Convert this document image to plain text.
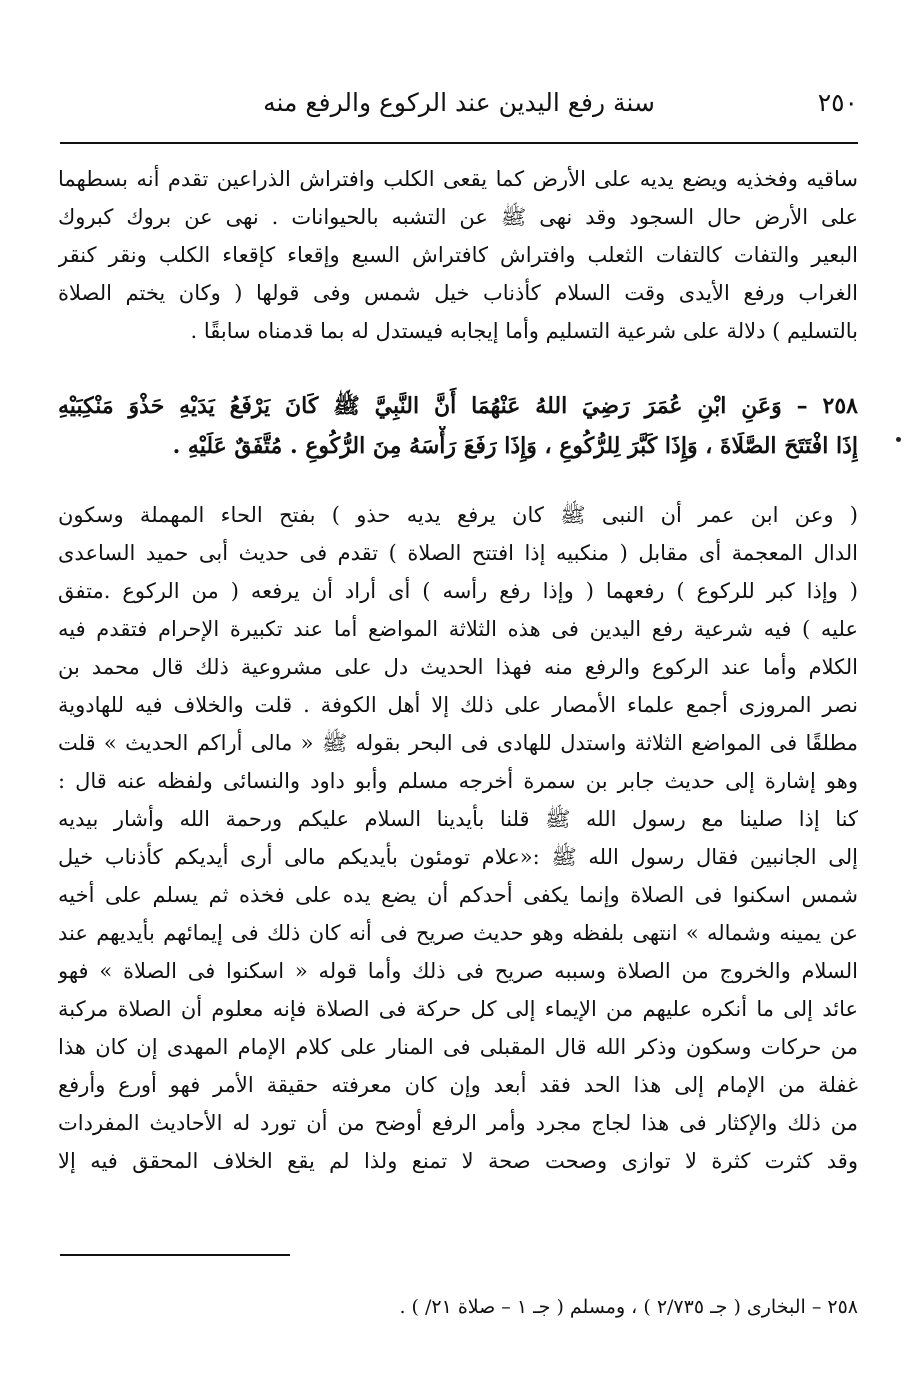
٢٥٠
سنة رفع اليدين عند الركوع والرفع منه
ساقيه وفخذيه ويضع يديه على الأرض كما يقعى الكلب وافتراش الذراعين تقدم أنه بسطهما
على الأرض حال السجود وقد نهى ﷺ عن التشبه بالحيوانات . نهى عن بروك كبروك
البعير والتفات كالتفات الثعلب وافتراش كافتراش السبع وإقعاء كإقعاء الكلب ونقر كنقر
الغراب ورفع الأيدى وقت السلام كأذناب خيل شمس وفى قولها ( وكان يختم الصلاة
بالتسليم ) دلالة على شرعية التسليم وأما إيجابه فيستدل له بما قدمناه سابقًا .
٢٥٨ – وَعَنِ ابْنِ عُمَرَ رَضِيَ اللهُ عَنْهُمَا أَنَّ النَّبِيَّ ﷺ كَانَ يَرْفَعُ يَدَيْهِ حَذْوَ مَنْكِبَيْهِ
إِذَا افْتَتَحَ الصَّلَاةَ ، وَإِذَا كَبَّرَ لِلرُّكُوعِ ، وَإِذَا رَفَعَ رَأْسَهُ مِنَ الرُّكُوعِ . مُتَّفَقٌ عَلَيْهِ .
( وعن ابن عمر أن النبى ﷺ كان يرفع يديه حذو ) بفتح الحاء المهملة وسكون
الدال المعجمة أى مقابل ( منكبيه إذا افتتح الصلاة ) تقدم فى حديث أبى حميد الساعدى
( وإذا كبر للركوع ) رفعهما ( وإذا رفع رأسه ) أى أراد أن يرفعه ( من الركوع .متفق
عليه ) فيه شرعية رفع اليدين فى هذه الثلاثة المواضع أما عند تكبيرة الإحرام فتقدم فيه
الكلام وأما عند الركوع والرفع منه فهذا الحديث دل على مشروعية ذلك قال محمد بن
نصر المروزى أجمع علماء الأمصار على ذلك إلا أهل الكوفة . قلت والخلاف فيه للهادوية
مطلقًا فى المواضع الثلاثة واستدل للهادى فى البحر بقوله ﷺ « مالى أراكم الحديث » قلت
وهو إشارة إلى حديث جابر بن سمرة أخرجه مسلم وأبو داود والنسائى ولفظه عنه قال :
كنا إذا صلينا مع رسول الله ﷺ قلنا بأيدينا السلام عليكم ورحمة الله وأشار بيديه
إلى الجانبين فقال رسول الله ﷺ :«علام تومئون بأيديكم مالى أرى أيديكم كأذناب خيل
شمس اسكنوا فى الصلاة وإنما يكفى أحدكم أن يضع يده على فخذه ثم يسلم على أخيه
عن يمينه وشماله » انتهى بلفظه وهو حديث صريح فى أنه كان ذلك فى إيمائهم بأيديهم عند
السلام والخروج من الصلاة وسببه صريح فى ذلك وأما قوله « اسكنوا فى الصلاة » فهو
عائد إلى ما أنكره عليهم من الإيماء إلى كل حركة فى الصلاة فإنه معلوم أن الصلاة مركبة
من حركات وسكون وذكر الله قال المقبلى فى المنار على كلام الإمام المهدى إن كان هذا
غفلة من الإمام إلى هذا الحد فقد أبعد وإن كان معرفته حقيقة الأمر فهو أورع وأرفع
من ذلك والإكثار فى هذا لجاج مجرد وأمر الرفع أوضح من أن تورد له الأحاديث المفردات
وقد كثرت كثرة لا توازى وصحت صحة لا تمنع ولذا لم يقع الخلاف المحقق فيه إلا
٢٥٨ – البخارى ( جـ ٢/٧٣٥ ) ، ومسلم ( جـ ١ – صلاة ٢١/ ) .
